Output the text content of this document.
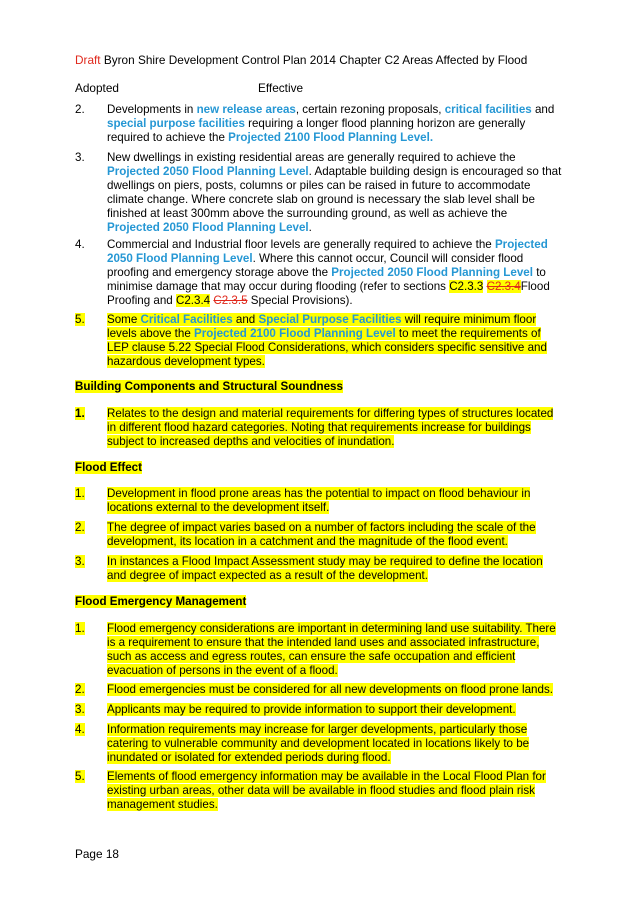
Draft Byron Shire Development Control Plan 2014 Chapter C2 Areas Affected by Flood
Adopted	Effective
2.	Developments in new release areas, certain rezoning proposals, critical facilities and special purpose facilities requiring a longer flood planning horizon are generally required to achieve the Projected 2100 Flood Planning Level.
3.	New dwellings in existing residential areas are generally required to achieve the Projected 2050 Flood Planning Level. Adaptable building design is encouraged so that dwellings on piers, posts, columns or piles can be raised in future to accommodate climate change. Where concrete slab on ground is necessary the slab level shall be finished at least 300mm above the surrounding ground, as well as achieve the Projected 2050 Flood Planning Level.
4.	Commercial and Industrial floor levels are generally required to achieve the Projected 2050 Flood Planning Level. Where this cannot occur, Council will consider flood proofing and emergency storage above the Projected 2050 Flood Planning Level to minimise damage that may occur during flooding (refer to sections C2.3.3 C2.3.4Flood Proofing and C2.3.4 C2.3.5 Special Provisions).
5.	Some Critical Facilities and Special Purpose Facilities will require minimum floor levels above the Projected 2100 Flood Planning Level to meet the requirements of LEP clause 5.22 Special Flood Considerations, which considers specific sensitive and hazardous development types.
Building Components and Structural Soundness
1.	Relates to the design and material requirements for differing types of structures located in different flood hazard categories. Noting that requirements increase for buildings subject to increased depths and velocities of inundation.
Flood Effect
1.	Development in flood prone areas has the potential to impact on flood behaviour in locations external to the development itself.
2.	The degree of impact varies based on a number of factors including the scale of the development, its location in a catchment and the magnitude of the flood event.
3.	In instances a Flood Impact Assessment study may be required to define the location and degree of impact expected as a result of the development.
Flood Emergency Management
1.	Flood emergency considerations are important in determining land use suitability. There is a requirement to ensure that the intended land uses and associated infrastructure, such as access and egress routes, can ensure the safe occupation and efficient evacuation of persons in the event of a flood.
2.	Flood emergencies must be considered for all new developments on flood prone lands.
3.	Applicants may be required to provide information to support their development.
4.	Information requirements may increase for larger developments, particularly those catering to vulnerable community and development located in locations likely to be inundated or isolated for extended periods during flood.
5.	Elements of flood emergency information may be available in the Local Flood Plan for existing urban areas, other data will be available in flood studies and flood plain risk management studies.
Page 18
